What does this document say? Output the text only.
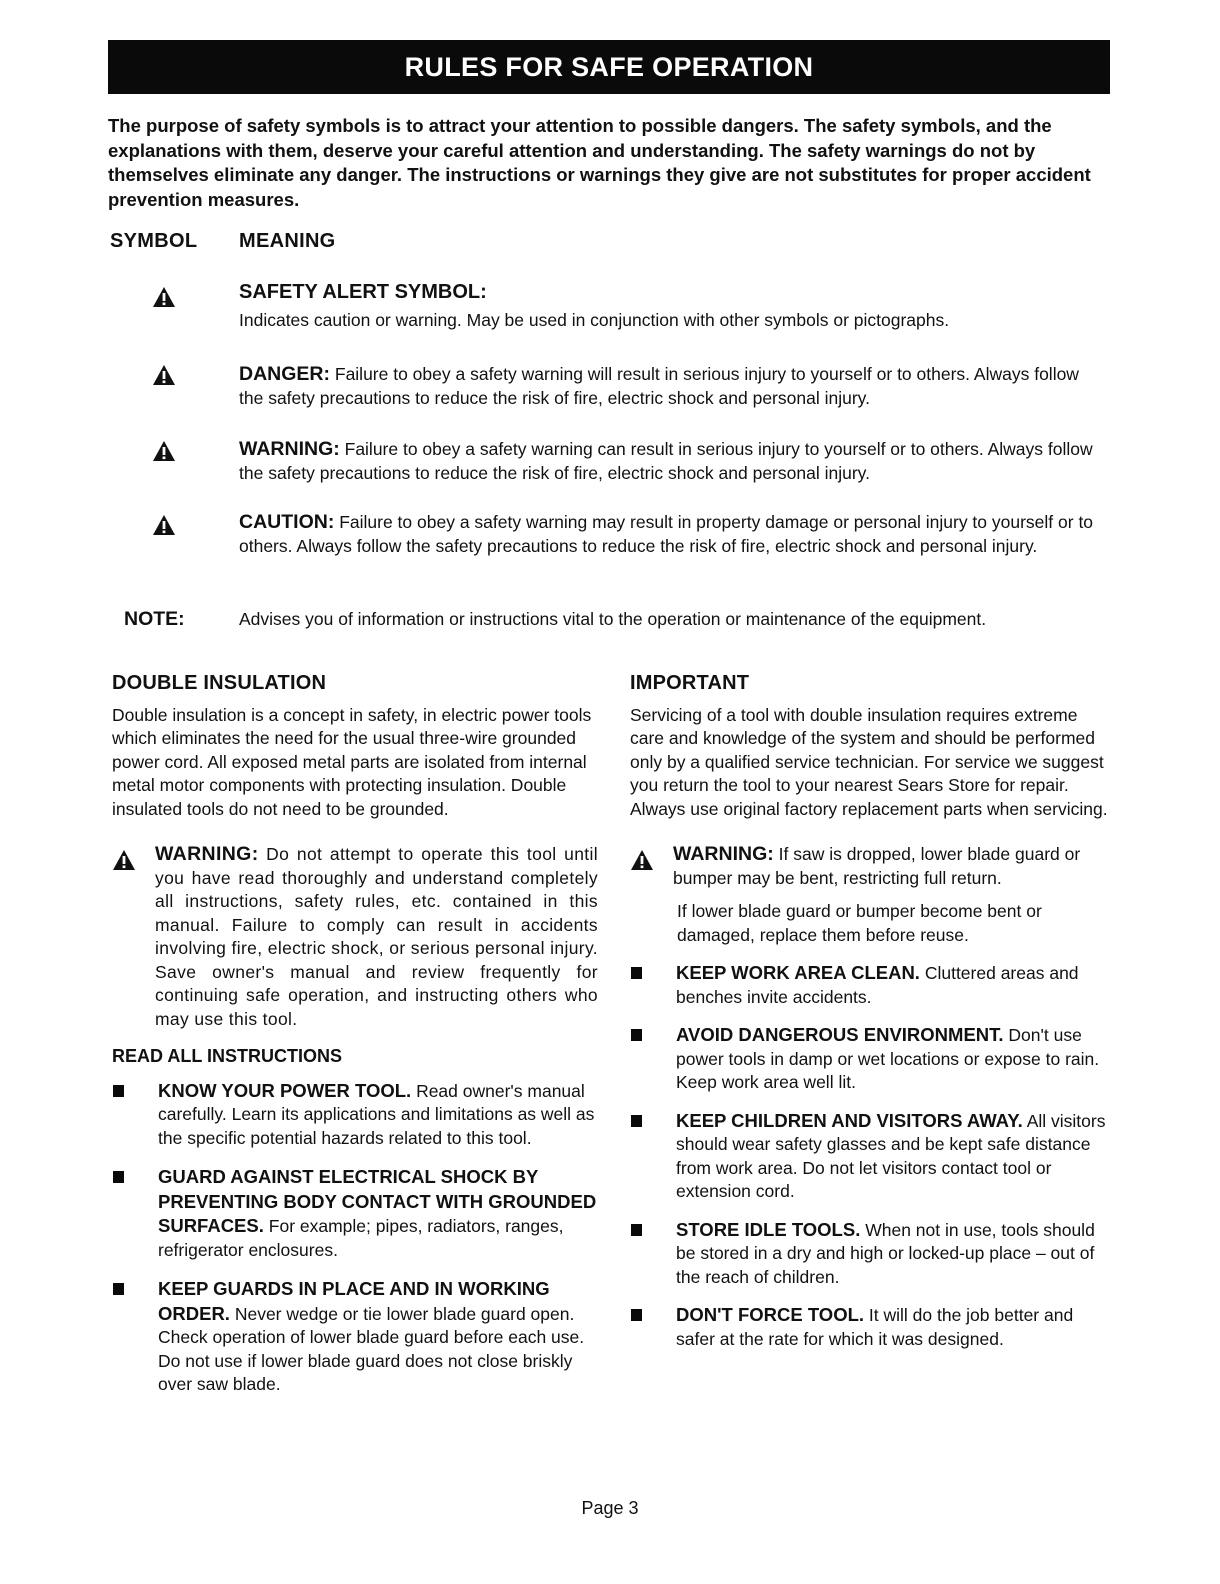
RULES FOR SAFE OPERATION
The purpose of safety symbols is to attract your attention to possible dangers. The safety symbols, and the explanations with them, deserve your careful attention and understanding. The safety warnings do not by themselves eliminate any danger. The instructions or warnings they give are not substitutes for proper accident prevention measures.
SYMBOL MEANING
SAFETY ALERT SYMBOL:
Indicates caution or warning. May be used in conjunction with other symbols or pictographs.
DANGER: Failure to obey a safety warning will result in serious injury to yourself or to others. Always follow the safety precautions to reduce the risk of fire, electric shock and personal injury.
WARNING: Failure to obey a safety warning can result in serious injury to yourself or to others. Always follow the safety precautions to reduce the risk of fire, electric shock and personal injury.
CAUTION: Failure to obey a safety warning may result in property damage or personal injury to yourself or to others. Always follow the safety precautions to reduce the risk of fire, electric shock and personal injury.
NOTE:	Advises you of information or instructions vital to the operation or maintenance of the equipment.
DOUBLE INSULATION

Double insulation is a concept in safety, in electric power tools which eliminates the need for the usual three-wire grounded power cord. All exposed metal parts are isolated from internal metal motor components with protecting insulation. Double insulated tools do not need to be grounded.

WARNING: Do not attempt to operate this tool until you have read thoroughly and understand completely all instructions, safety rules, etc. contained in this manual. Failure to comply can result in accidents involving fire, electric shock, or serious personal injury. Save owner's manual and review frequently for continuing safe operation, and instructing others who may use this tool.
READ ALL INSTRUCTIONS
KNOW YOUR POWER TOOL. Read owner's manual carefully. Learn its applications and limitations as well as the specific potential hazards related to this tool.
GUARD AGAINST ELECTRICAL SHOCK BY PREVENTING BODY CONTACT WITH GROUNDED SURFACES. For example; pipes, radiators, ranges, refrigerator enclosures.
KEEP GUARDS IN PLACE AND IN WORKING ORDER. Never wedge or tie lower blade guard open. Check operation of lower blade guard before each use. Do not use if lower blade guard does not close briskly over saw blade.
IMPORTANT

Servicing of a tool with double insulation requires extreme care and knowledge of the system and should be performed only by a qualified service technician. For service we suggest you return the tool to your nearest Sears Store for repair. Always use original factory replacement parts when servicing.

WARNING: If saw is dropped, lower blade guard or bumper may be bent, restricting full return.

If lower blade guard or bumper become bent or damaged, replace them before reuse.

KEEP WORK AREA CLEAN. Cluttered areas and benches invite accidents.
AVOID DANGEROUS ENVIRONMENT. Don't use power tools in damp or wet locations or expose to rain. Keep work area well lit.
KEEP CHILDREN AND VISITORS AWAY. All visitors should wear safety glasses and be kept safe distance from work area. Do not let visitors contact tool or extension cord.
STORE IDLE TOOLS. When not in use, tools should be stored in a dry and high or locked-up place – out of the reach of children.
DON'T FORCE TOOL. It will do the job better and safer at the rate for which it was designed.
Page 3
